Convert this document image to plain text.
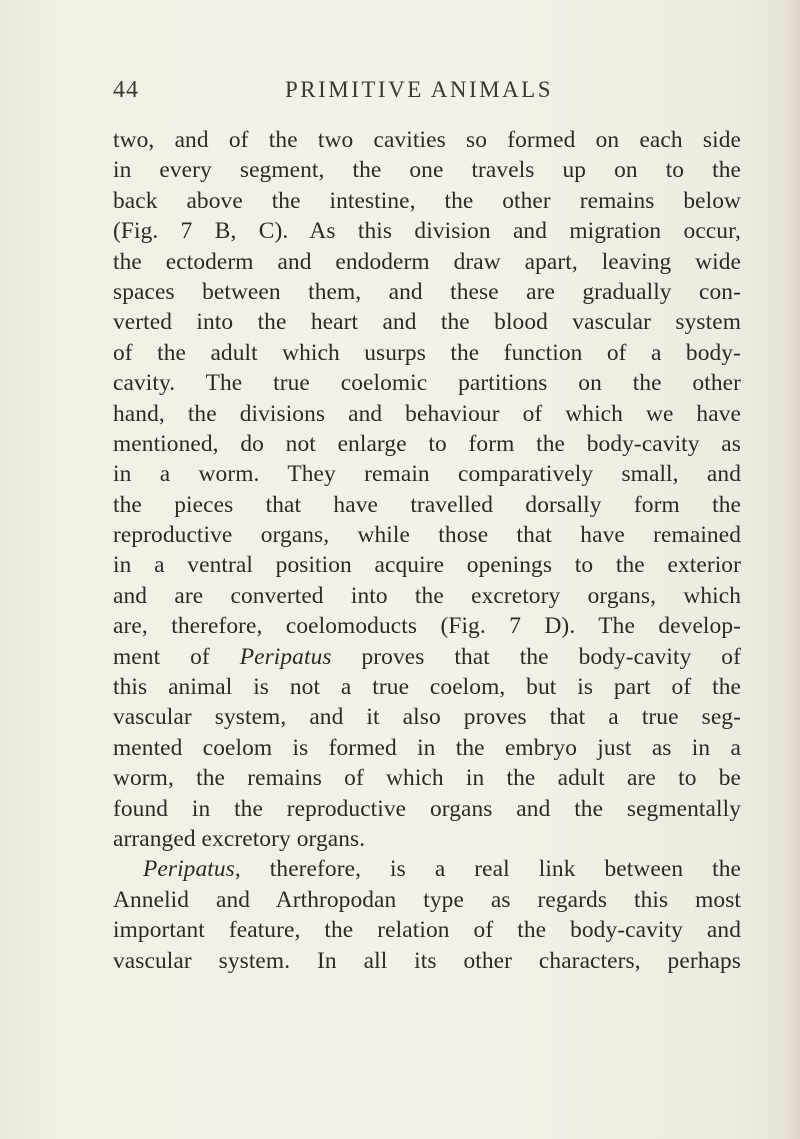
44	PRIMITIVE ANIMALS
two, and of the two cavities so formed on each side
in every segment, the one travels up on to the
back above the intestine, the other remains below
(Fig. 7 B, C). As this division and migration occur,
the ectoderm and endoderm draw apart, leaving wide
spaces between them, and these are gradually con-
verted into the heart and the blood vascular system
of the adult which usurps the function of a body-
cavity. The true coelomic partitions on the other
hand, the divisions and behaviour of which we have
mentioned, do not enlarge to form the body-cavity as
in a worm. They remain comparatively small, and
the pieces that have travelled dorsally form the
reproductive organs, while those that have remained
in a ventral position acquire openings to the exterior
and are converted into the excretory organs, which
are, therefore, coelomoducts (Fig. 7 D). The develop-
ment of Peripatus proves that the body-cavity of
this animal is not a true coelom, but is part of the
vascular system, and it also proves that a true seg-
mented coelom is formed in the embryo just as in a
worm, the remains of which in the adult are to be
found in the reproductive organs and the segmentally
arranged excretory organs.
Peripatus, therefore, is a real link between the
Annelid and Arthropodan type as regards this most
important feature, the relation of the body-cavity and
vascular system. In all its other characters, perhaps
